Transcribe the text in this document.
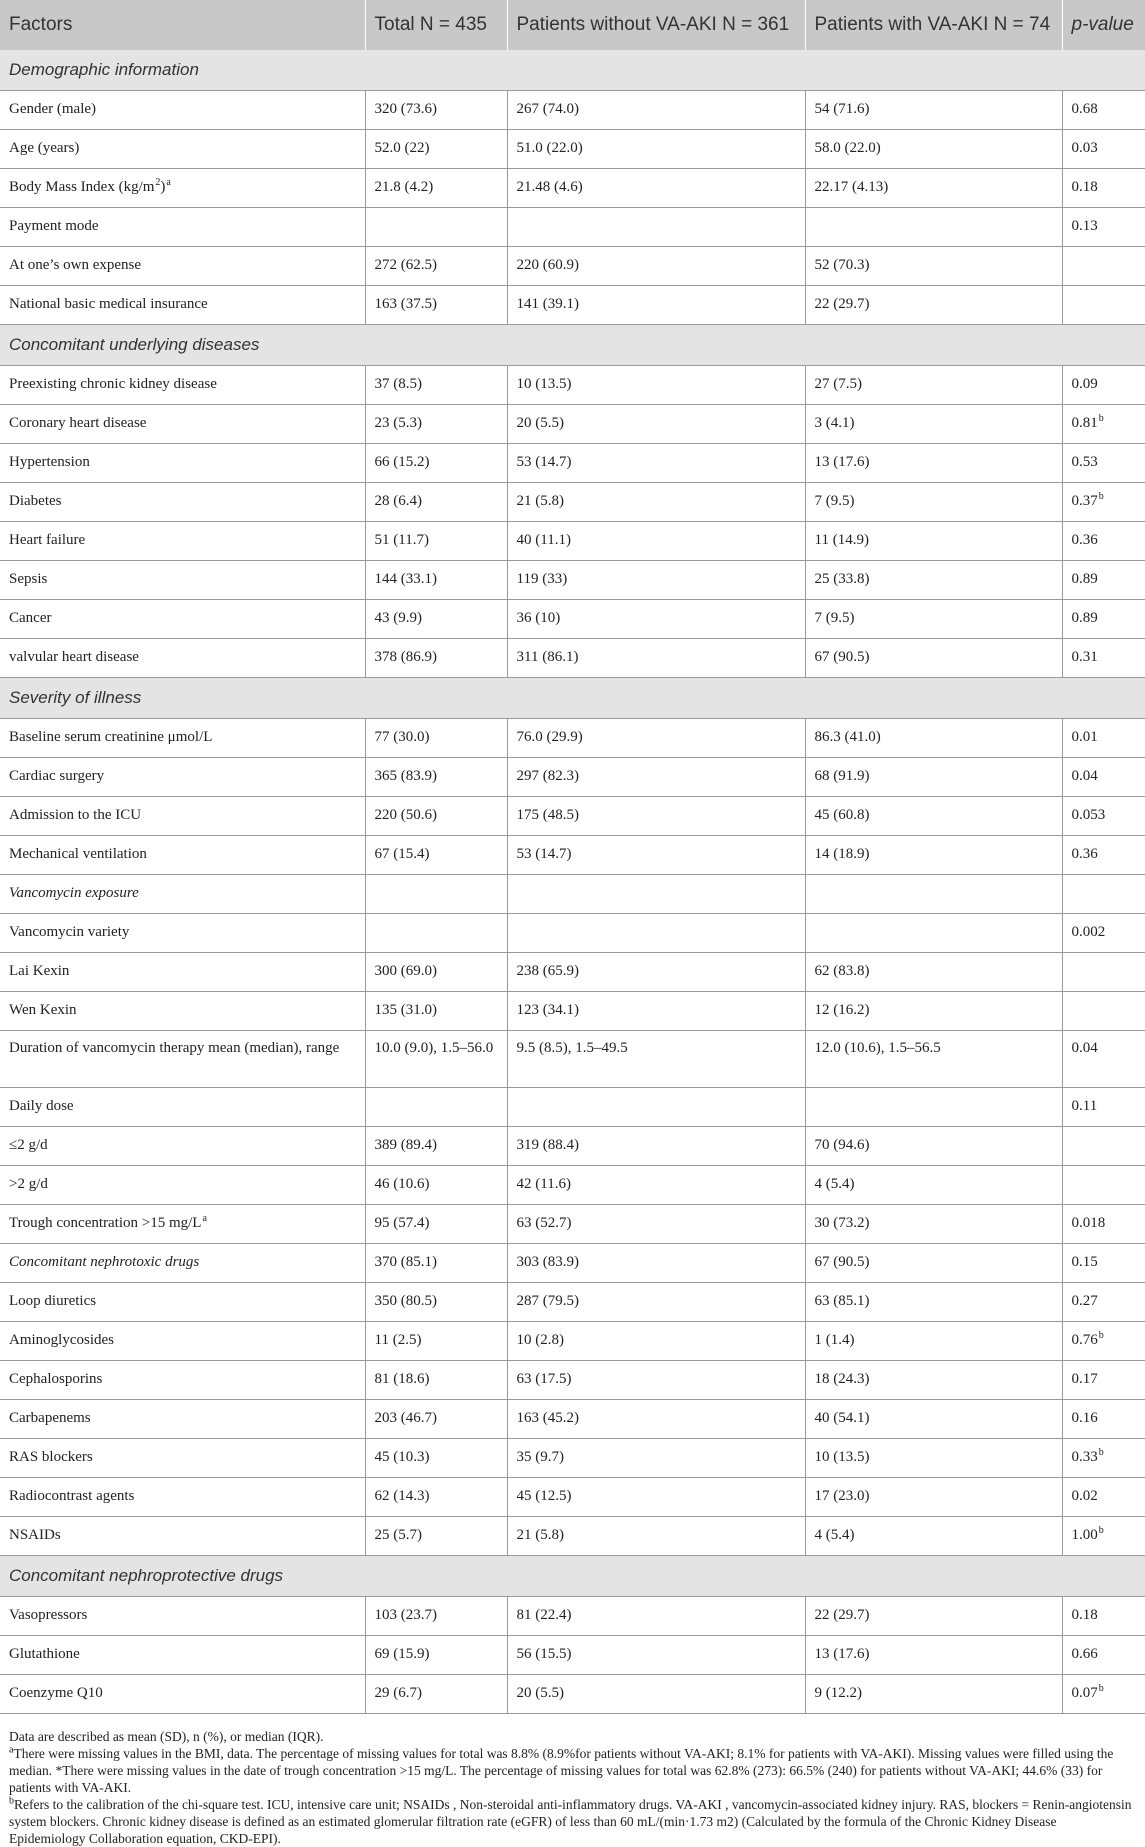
Factors	Total N = 435	Patients without VA-AKI N = 361	Patients with VA-AKI N = 74	p-value
Demographic information				
Gender (male)	320 (73.6)	267 (74.0)	54 (71.6)	0.68
Age (years)	52.0 (22)	51.0 (22.0)	58.0 (22.0)	0.03
Body Mass Index $(kg/m^2)^a$	21.8 (4.2)	21.48 (4.6)	22.17 (4.13)	0.18
Payment mode				0.13
At one’s own expense	272 (62.5)	220 (60.9)	52 (70.3)	
National basic medical insurance	163 (37.5)	141 (39.1)	22 (29.7)	
Concomitant underlying diseases				
Preexisting chronic kidney disease	37 (8.5)	10 (13.5)	27 (7.5)	0.09
Coronary heart disease	23 (5.3)	20 (5.5)	3 (4.1)	0.81$^b$
Hypertension	66 (15.2)	53 (14.7)	13 (17.6)	0.53
Diabetes	28 (6.4)	21 (5.8)	7 (9.5)	0.37$^b$
Heart failure	51 (11.7)	40 (11.1)	11 (14.9)	0.36
Sepsis	144 (33.1)	119 (33)	25 (33.8)	0.89
Cancer	43 (9.9)	36 (10)	7 (9.5)	0.89
valvular heart disease	378 (86.9)	311 (86.1)	67 (90.5)	0.31
Severity of illness				
Baseline serum creatinine μmol/L	77 (30.0)	76.0 (29.9)	86.3 (41.0)	0.01
Cardiac surgery	365 (83.9)	297 (82.3)	68 (91.9)	0.04
Admission to the ICU	220 (50.6)	175 (48.5)	45 (60.8)	0.053
Mechanical ventilation	67 (15.4)	53 (14.7)	14 (18.9)	0.36
Vancomycin exposure				
Vancomycin variety				0.002
Lai Kexin	300 (69.0)	238 (65.9)	62 (83.8)	
Wen Kexin	135 (31.0)	123 (34.1)	12 (16.2)	
Duration of vancomycin therapy mean (median), range	10.0 (9.0), 1.5–56.0	9.5 (8.5), 1.5–49.5	12.0 (10.6), 1.5–56.5	0.04
Daily dose				0.11
≤2 g/d	389 (89.4)	319 (88.4)	70 (94.6)	
>2 g/d	46 (10.6)	42 (11.6)	4 (5.4)	
Trough concentration >15 $mg/L^a$	95 (57.4)	63 (52.7)	30 (73.2)	0.018
Concomitant nephrotoxic drugs	370 (85.1)	303 (83.9)	67 (90.5)	0.15
Loop diuretics	350 (80.5)	287 (79.5)	63 (85.1)	0.27
Aminoglycosides	11 (2.5)	10 (2.8)	1 (1.4)	0.76$^b$
Cephalosporins	81 (18.6)	63 (17.5)	18 (24.3)	0.17
Carbapenems	203 (46.7)	163 (45.2)	40 (54.1)	0.16
RAS blockers	45 (10.3)	35 (9.7)	10 (13.5)	0.33$^b$
Radiocontrast agents	62 (14.3)	45 (12.5)	17 (23.0)	0.02
NSAIDs	25 (5.7)	21 (5.8)	4 (5.4)	1.00$^b$
Concomitant nephroprotective drugs				
Vasopressors	103 (23.7)	81 (22.4)	22 (29.7)	0.18
Glutathione	69 (15.9)	56 (15.5)	13 (17.6)	0.66
Coenzyme Q10	29 (6.7)	20 (5.5)	9 (12.2)	0.07$^b$

Data are described as mean (SD), n (%), or median (IQR).

$^a$There were missing values in the BMI, data. The percentage of missing values for total was 8.8% (8.9%for patients without VA-AKI; 8.1% for patients with VA-AKI). Missing values were filled using the median. *There were missing values in the date of trough concentration >15 mg/L. The percentage of missing values for total was 62.8% (273): 66.5% (240) for patients without VA-AKI; 44.6% (33) for patients with VA-AKI.

$^b$Refers to the calibration of the chi-square test. ICU, intensive care unit; NSAIDs , Non-steroidal anti-inflammatory drugs. VA-AKI , vancomycin-associated kidney injury. RAS, blockers = Renin-angiotensin system blockers. Chronic kidney disease is defined as an estimated glomerular filtration rate (eGFR) of less than 60 mL/(min·1.73 m2) (Calculated by the formula of the Chronic Kidney Disease Epidemiology Collaboration equation, CKD-EPI).
